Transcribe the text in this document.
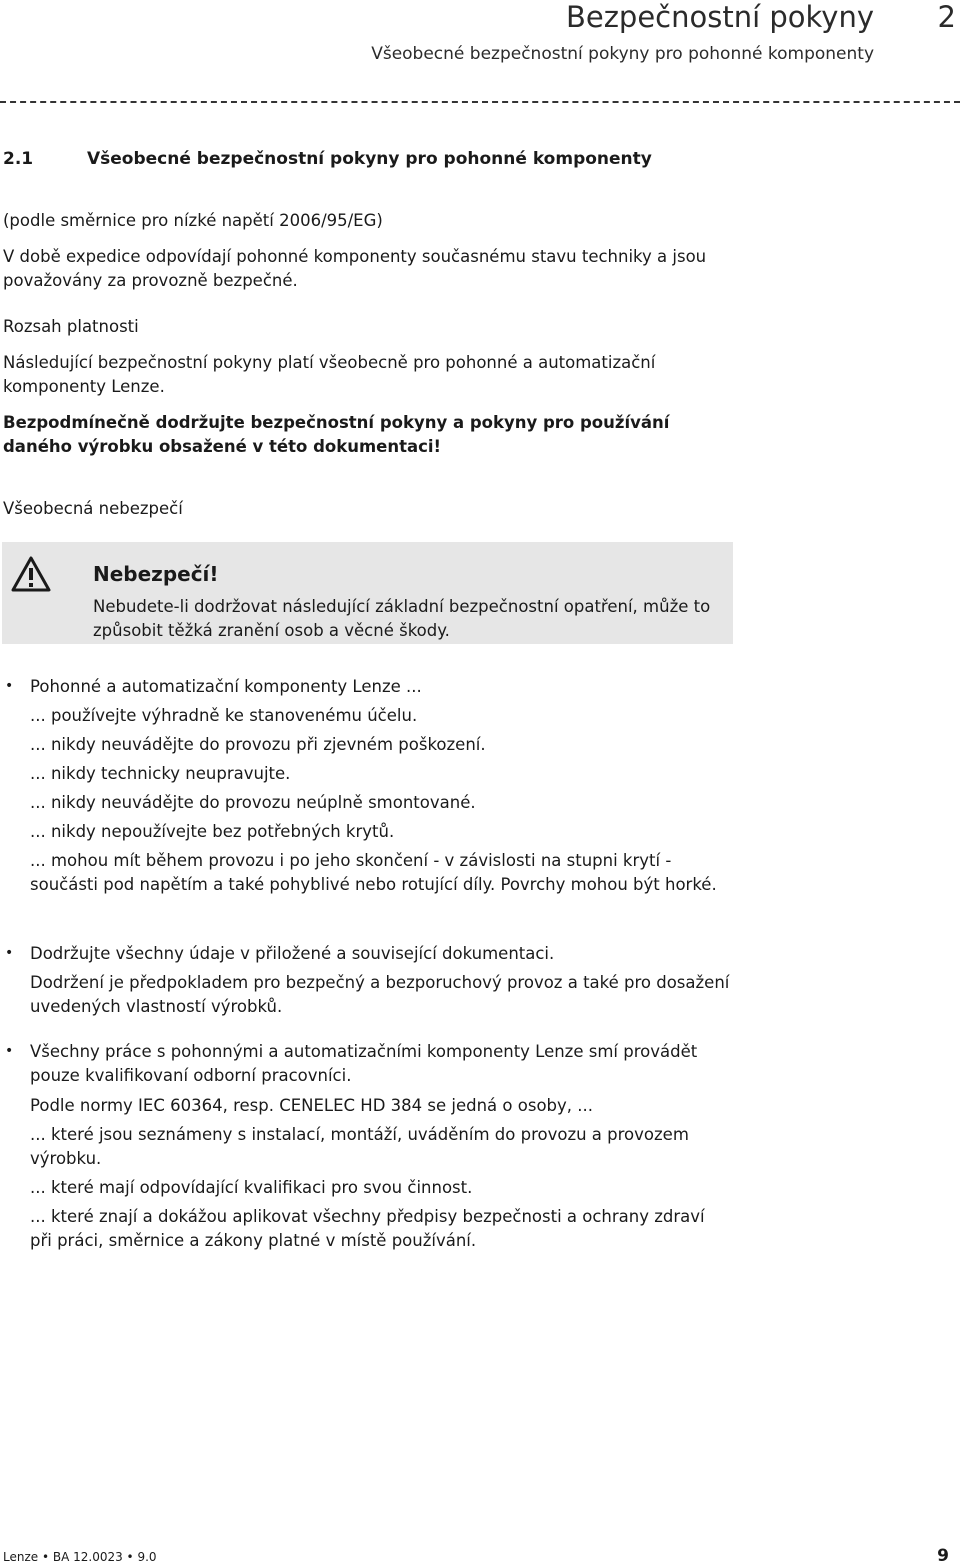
Bezpečnostní pokyny 2
Všeobecné bezpečnostní pokyny pro pohonné komponenty
2.1	Všeobecné bezpečnostní pokyny pro pohonné komponenty
(podle směrnice pro nízké napětí 2006/95/EG)
V době expedice odpovídají pohonné komponenty současnému stavu techniky a jsou považovány za provozně bezpečné.
Rozsah platnosti
Následující bezpečnostní pokyny platí všeobecně pro pohonné a automatizační komponenty Lenze.
Bezpodmínečně dodržujte bezpečnostní pokyny a pokyny pro používání daného výrobku obsažené v této dokumentaci!
Všeobecná nebezpečí
Nebezpečí!
Nebudete-li dodržovat následující základní bezpečnostní opatření, může to způsobit těžká zranění osob a věcné škody.
• Pohonné a automatizační komponenty Lenze ...
... používejte výhradně ke stanovenému účelu.
... nikdy neuvádějte do provozu při zjevném poškození.
... nikdy technicky neupravujte.
... nikdy neuvádějte do provozu neúplně smontované.
... nikdy nepoužívejte bez potřebných krytů.
... mohou mít během provozu i po jeho skončení - v závislosti na stupni krytí - součásti pod napětím a také pohyblivé nebo rotující díly. Povrchy mohou být horké.
• Dodržujte všechny údaje v přiložené a související dokumentaci.
Dodržení je předpokladem pro bezpečný a bezporuchový provoz a také pro dosažení uvedených vlastností výrobků.
• Všechny práce s pohonnými a automatizačními komponenty Lenze smí provádět pouze kvalifikovaní odborní pracovníci.
Podle normy IEC 60364, resp. CENELEC HD 384 se jedná o osoby, ...
... které jsou seznámeny s instalací, montáží, uváděním do provozu a provozem výrobku.
... které mají odpovídající kvalifikaci pro svou činnost.
... které znají a dokážou aplikovat všechny předpisy bezpečnosti a ochrany zdraví při práci, směrnice a zákony platné v místě používání.
Lenze • BA 12.0023 • 9.0	9
